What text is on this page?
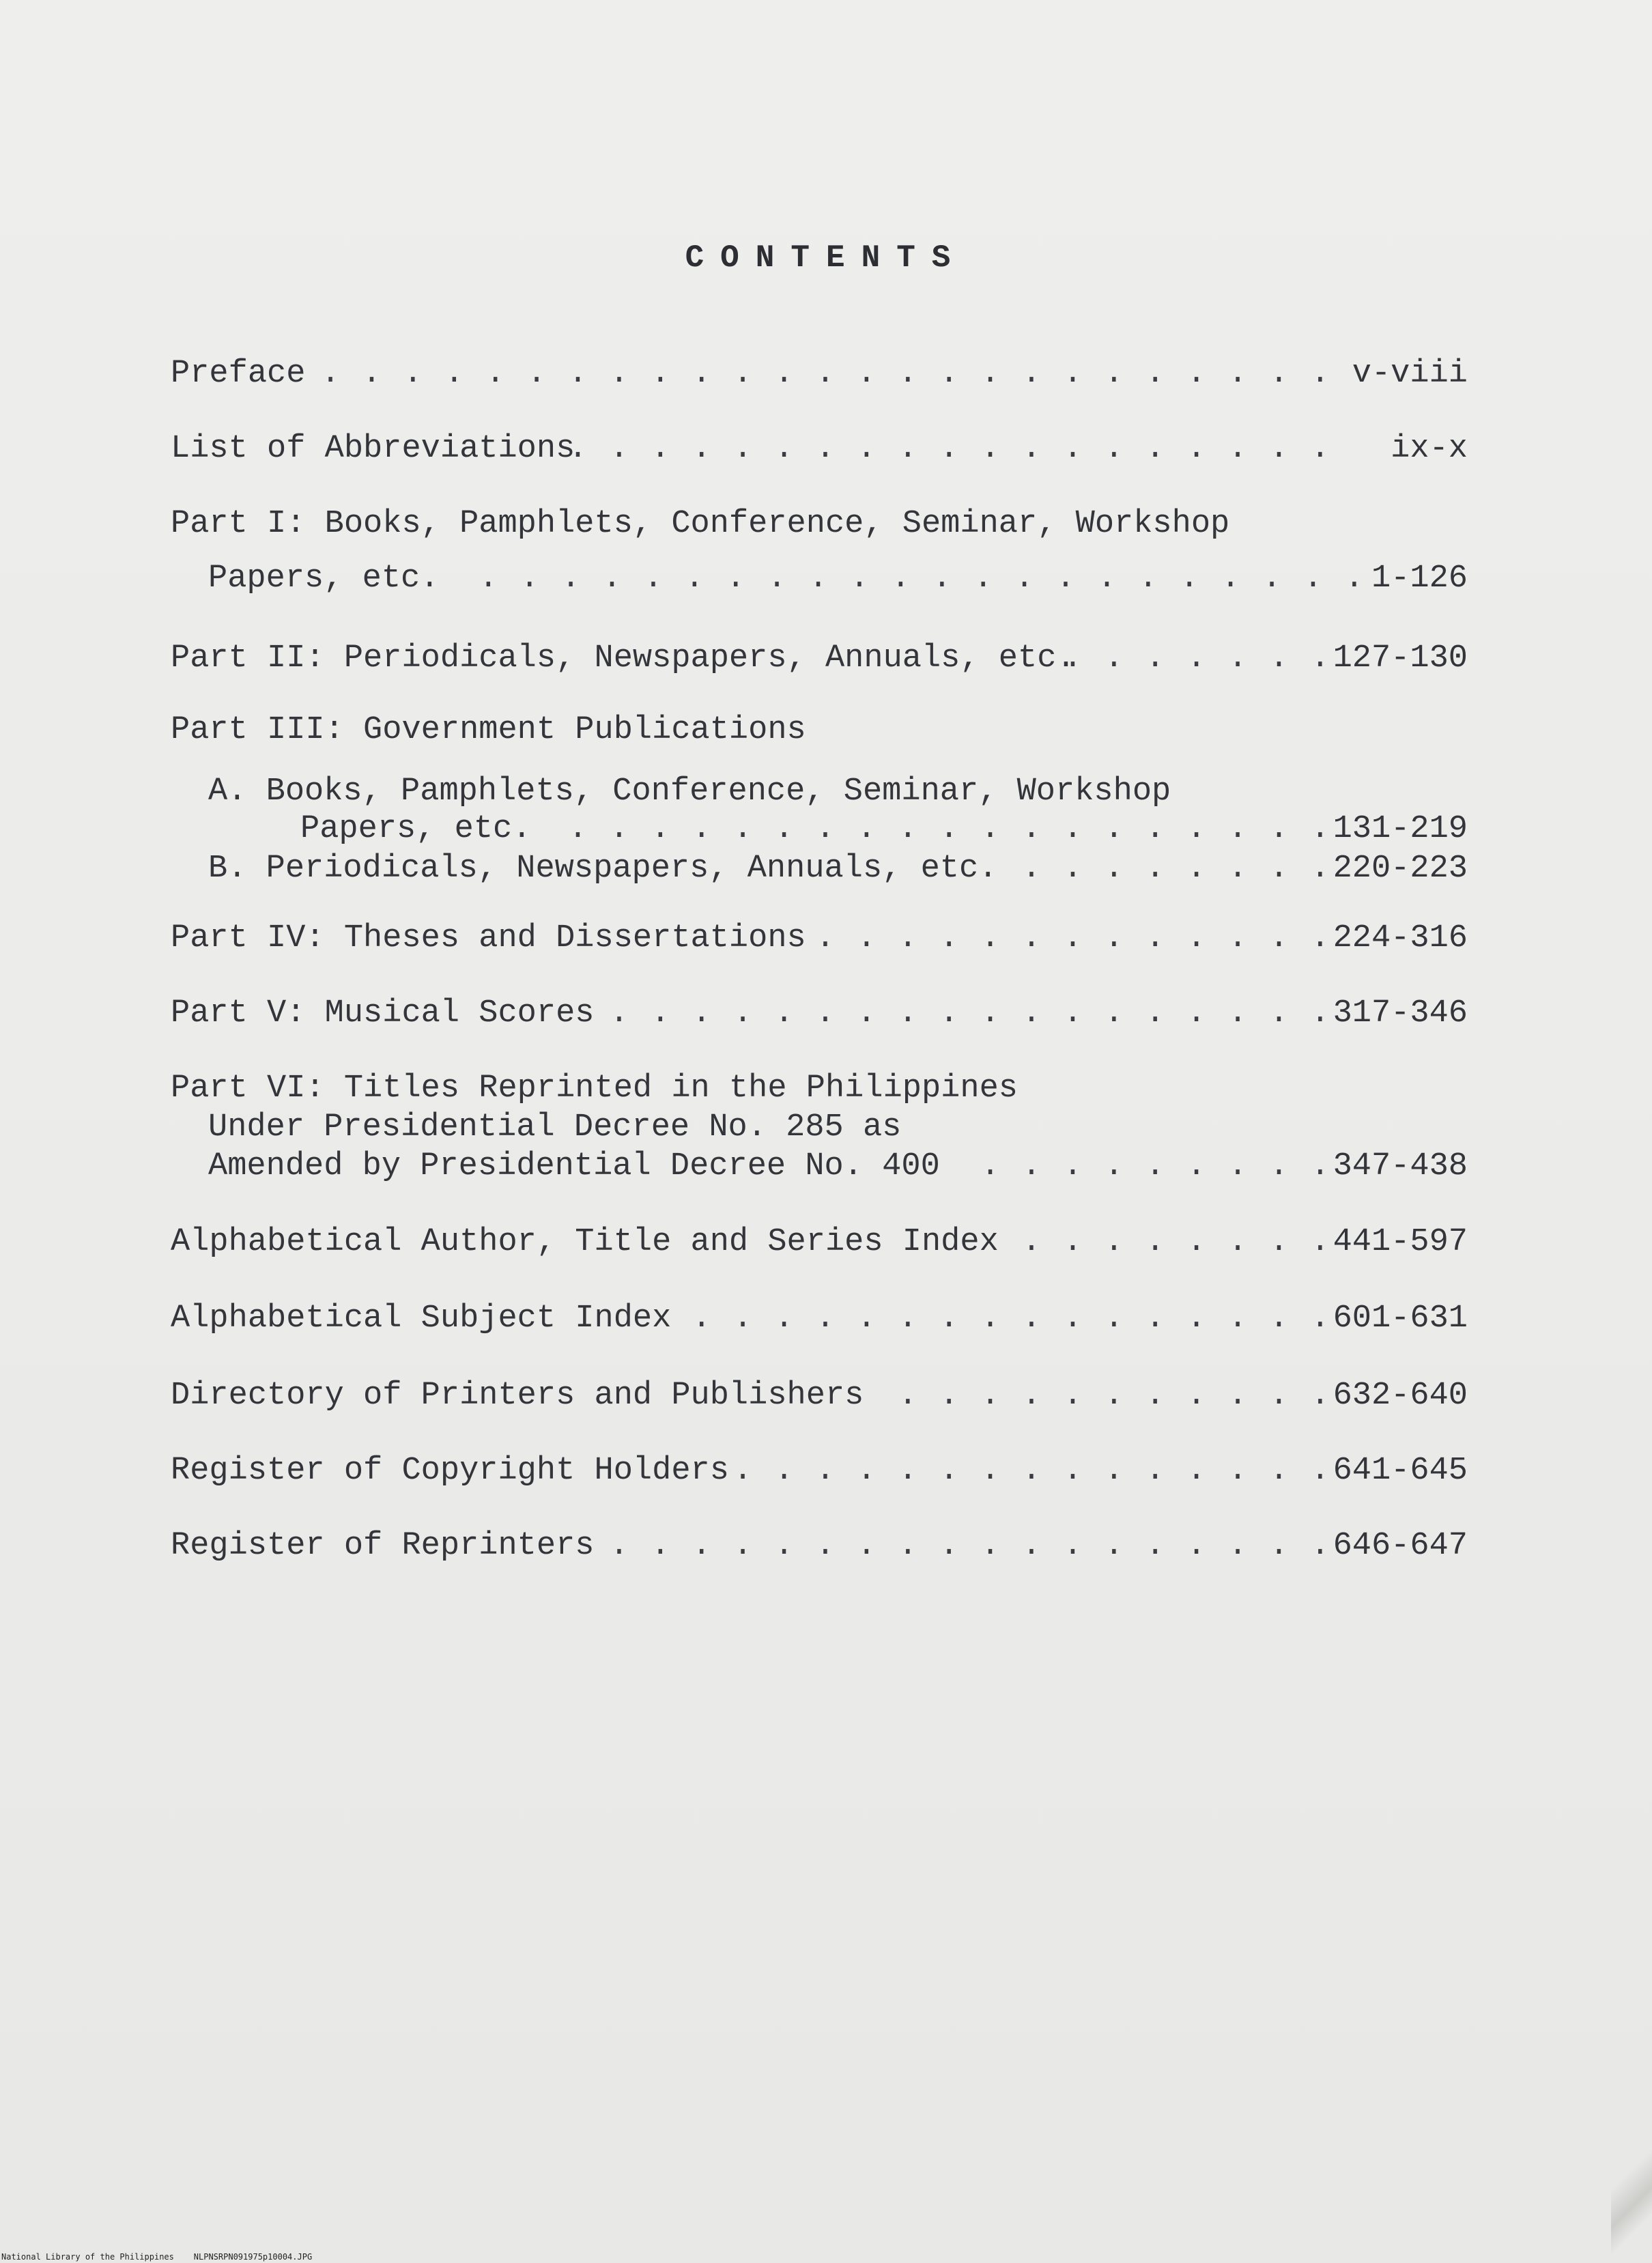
CONTENTS
Preface . . .	v-viii
List of Abbreviations . . .	ix-x
Part I: Books, Pamphlets, Conference, Seminar, Workshop
Papers, etc. . . .	1-126
Part II: Periodicals, Newspapers, Annuals, etc. . . .	127-130
Part III: Government Publications
A. Books, Pamphlets, Conference, Seminar, Workshop
Papers, etc. . . .	131-219
B. Periodicals, Newspapers, Annuals, etc. . . .	220-223
Part IV: Theses and Dissertations . . .	224-316
Part V: Musical Scores . . .	317-346
Part VI: Titles Reprinted in the Philippines
Under Presidential Decree No. 285 as
Amended by Presidential Decree No. 400 . . .	347-438
Alphabetical Author, Title and Series Index . . .	441-597
Alphabetical Subject Index . . .	601-631
Directory of Printers and Publishers . . .	632-640
Register of Copyright Holders . . .	641-645
Register of Reprinters . . .	646-647
National Library of the Philippines NLPNSRPN091975p10004.JPG
